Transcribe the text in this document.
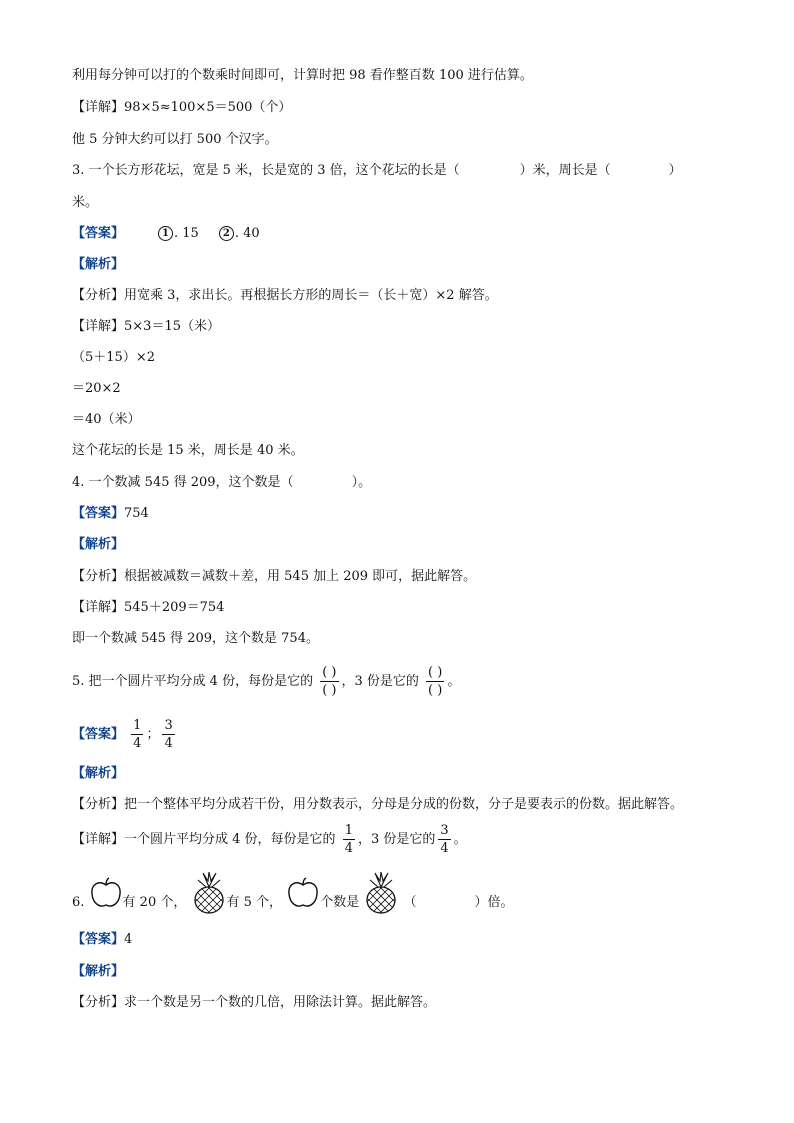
利用每分钟可以打的个数乘时间即可，计算时把 98 看作整百数 100 进行估算。
【详解】98×5≈100×5＝500（个）
他 5 分钟大约可以打 500 个汉字。
3. 一个长方形花坛，宽是 5 米，长是宽的 3 倍，这个花坛的长是（	）米，周长是（	）
米。
【答案】	1 . 15 2 . 40
【解析】
【分析】用宽乘 3，求出长。再根据长方形的周长＝（长＋宽）×2 解答。
【详解】5×3＝15（米）
（5＋15）×2
＝20×2
＝40（米）
这个花坛的长是 15 米，周长是 40 米。
4. 一个数减 545 得 209，这个数是（	）。
【答案】754
【解析】
【分析】根据被减数＝减数＋差，用 545 加上 209 即可，据此解答。
【详解】545＋209＝754
即一个数减 545 得 209，这个数是 754。
5. 把一个圆片平均分成 4 份，每份是它的 $\frac{( )}{( )}$ ，3 份是它的 $\frac{( )}{( )}$ 。
【答案】 $\frac{1}{4}$ ； $\frac{3}{4}$
【解析】
【分析】把一个整体平均分成若干份，用分数表示，分母是分成的份数，分子是要表示的份数。据此解答。
【详解】一个圆片平均分成 4 份，每份是它的 $\frac{1}{4}$ ，3 份是它的 $\frac{3}{4}$ 。
6.	有 20 个，	有 5 个，	个数是	（	）倍。
【答案】4
【解析】
【分析】求一个数是另一个数的几倍，用除法计算。据此解答。
